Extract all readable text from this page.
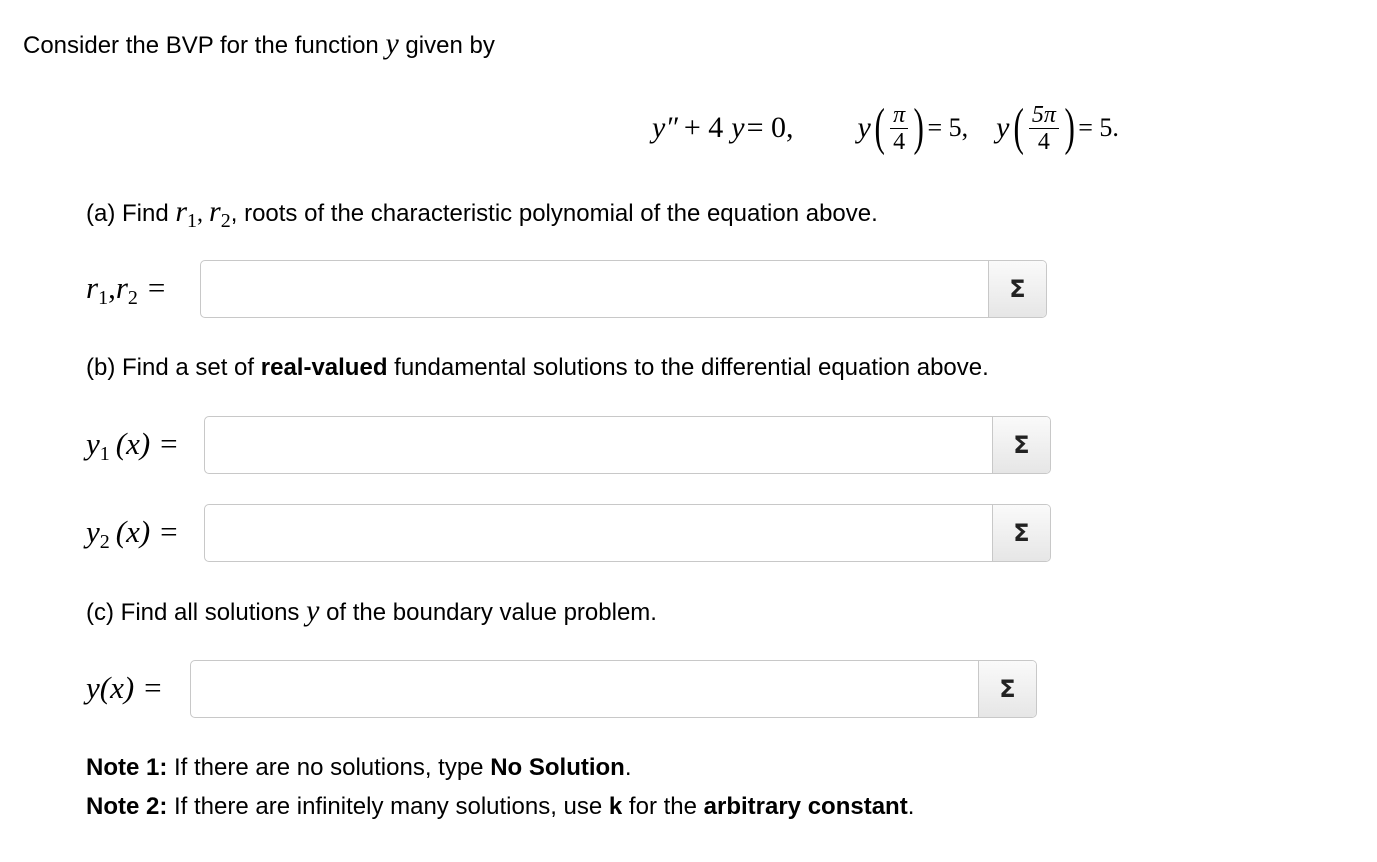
Consider the BVP for the function y given by
y″ + 4 y = 0, y ( $\frac{\pi}{4}$ ) = 5, y ( $\frac{5\pi}{4}$ ) = 5.
(a) Find $r_1$, $r_2$, roots of the characteristic polynomial of the equation above.
r1,r2 =	Σ
(b) Find a set of real-valued fundamental solutions to the differential equation above.
y1 (x) =	Σ
y2 (x) =	Σ
(c) Find all solutions y of the boundary value problem.
y(x) =	Σ
Note 1: If there are no solutions, type No Solution.
Note 2: If there are infinitely many solutions, use k for the arbitrary constant.
